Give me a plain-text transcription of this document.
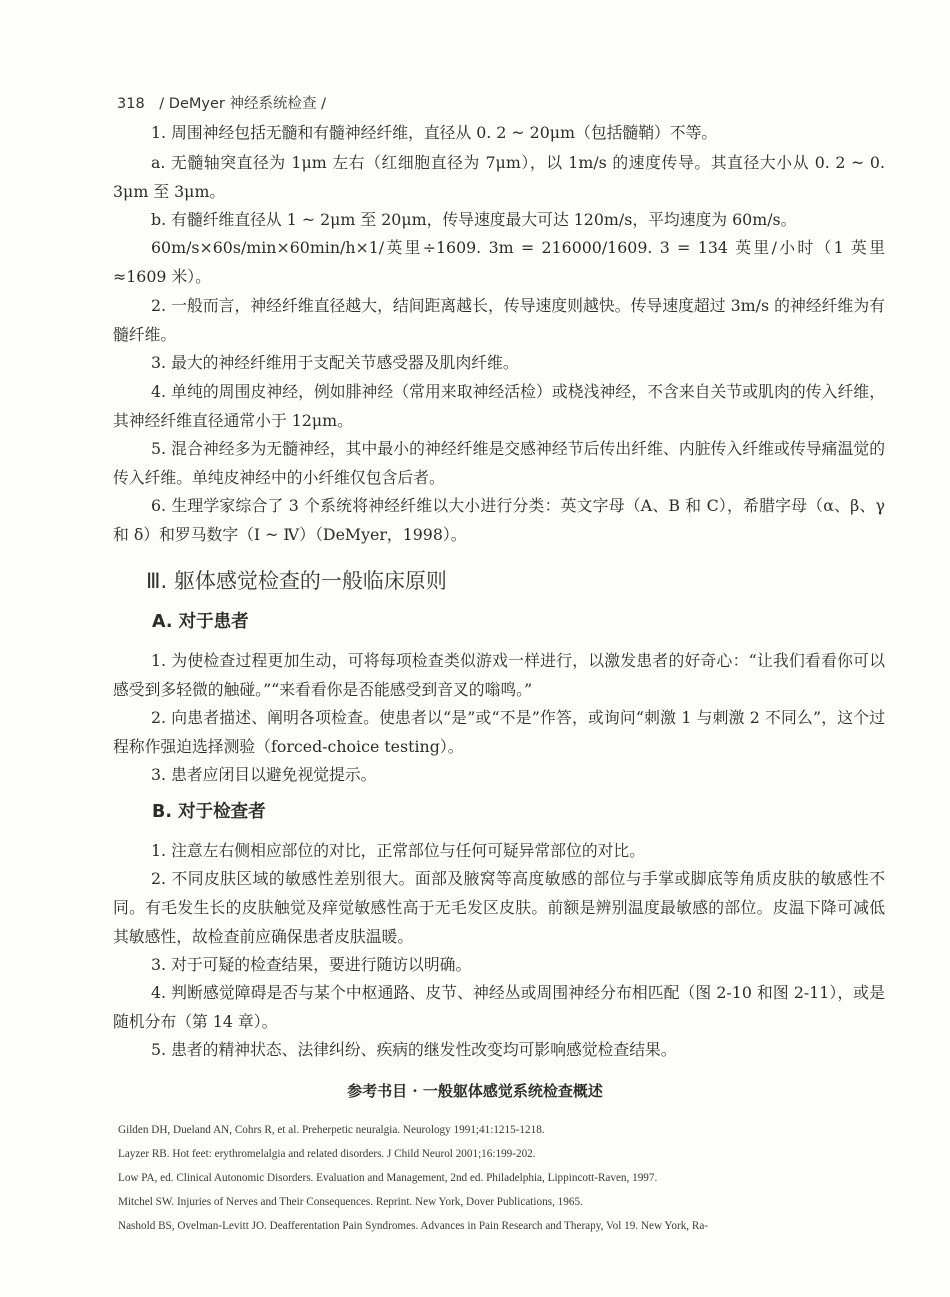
318 / DeMyer 神经系统检查 /
1. 周围神经包括无髓和有髓神经纤维，直径从 0. 2 ~ 20μm（包括髓鞘）不等。
a. 无髓轴突直径为 1μm 左右（红细胞直径为 7μm），以 1m/s 的速度传导。其直径大小从 0. 2 ~ 0. 3μm 至 3μm。
b. 有髓纤维直径从 1 ~ 2μm 至 20μm，传导速度最大可达 120m/s，平均速度为 60m/s。
60m/s×60s/min×60min/h×1/英里÷1609. 3m = 216000/1609. 3 = 134 英里/小时（1 英里≈1609 米）。
2. 一般而言，神经纤维直径越大，结间距离越长，传导速度则越快。传导速度超过 3m/s 的神经纤维为有髓纤维。
3. 最大的神经纤维用于支配关节感受器及肌肉纤维。
4. 单纯的周围皮神经，例如腓神经（常用来取神经活检）或桡浅神经，不含来自关节或肌肉的传入纤维，其神经纤维直径通常小于 12μm。
5. 混合神经多为无髓神经，其中最小的神经纤维是交感神经节后传出纤维、内脏传入纤维或传导痛温觉的传入纤维。单纯皮神经中的小纤维仅包含后者。
6. 生理学家综合了 3 个系统将神经纤维以大小进行分类：英文字母（A、B 和 C），希腊字母（α、β、γ 和 δ）和罗马数字（Ⅰ ~ Ⅳ）（DeMyer，1998）。
Ⅲ. 躯体感觉检查的一般临床原则
A. 对于患者
1. 为使检查过程更加生动，可将每项检查类似游戏一样进行，以激发患者的好奇心：“让我们看看你可以感受到多轻微的触碰。”“来看看你是否能感受到音叉的嗡鸣。”
2. 向患者描述、阐明各项检查。使患者以“是”或“不是”作答，或询问“刺激 1 与刺激 2 不同么”，这个过程称作强迫选择测验（forced-choice testing）。
3. 患者应闭目以避免视觉提示。
B. 对于检查者
1. 注意左右侧相应部位的对比，正常部位与任何可疑异常部位的对比。
2. 不同皮肤区域的敏感性差别很大。面部及腋窝等高度敏感的部位与手掌或脚底等角质皮肤的敏感性不同。有毛发生长的皮肤触觉及痒觉敏感性高于无毛发区皮肤。前额是辨别温度最敏感的部位。皮温下降可减低其敏感性，故检查前应确保患者皮肤温暖。
3. 对于可疑的检查结果，要进行随访以明确。
4. 判断感觉障碍是否与某个中枢通路、皮节、神经丛或周围神经分布相匹配（图 2-10 和图 2-11），或是随机分布（第 14 章）。
5. 患者的精神状态、法律纠纷、疾病的继发性改变均可影响感觉检查结果。
参考书目 · 一般躯体感觉系统检查概述
Gilden DH, Dueland AN, Cohrs R, et al. Preherpetic neuralgia. Neurology 1991;41:1215-1218.
Layzer RB. Hot feet: erythromelalgia and related disorders. J Child Neurol 2001;16:199-202.
Low PA, ed. Clinical Autonomic Disorders. Evaluation and Management, 2nd ed. Philadelphia, Lippincott-Raven, 1997.
Mitchel SW. Injuries of Nerves and Their Consequences. Reprint. New York, Dover Publications, 1965.
Nashold BS, Ovelman-Levitt JO. Deafferentation Pain Syndromes. Advances in Pain Research and Therapy, Vol 19. New York, Ra-
